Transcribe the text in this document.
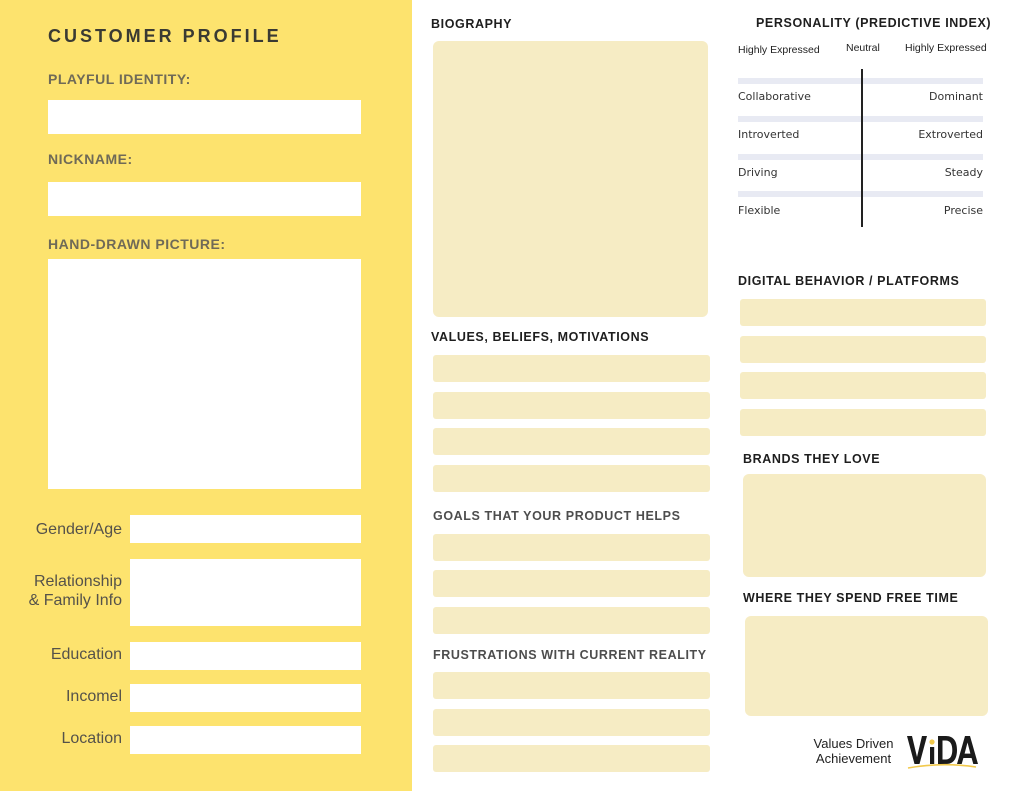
CUSTOMER PROFILE
PLAYFUL IDENTITY:
NICKNAME:
HAND-DRAWN PICTURE:
Gender/Age
Relationship
& Family Info
Education
Incomel
Location
BIOGRAPHY
VALUES, BELIEFS, MOTIVATIONS
GOALS THAT YOUR PRODUCT HELPS
FRUSTRATIONS WITH CURRENT REALITY
PERSONALITY (PREDICTIVE INDEX)
Highly Expressed	Neutral Highly Expressed
Collaborative	Dominant
Introverted	Extroverted
Driving	Steady
Flexible	Precise
DIGITAL BEHAVIOR / PLATFORMS
BRANDS THEY LOVE
WHERE THEY SPEND FREE TIME
Values Driven
Achievement
